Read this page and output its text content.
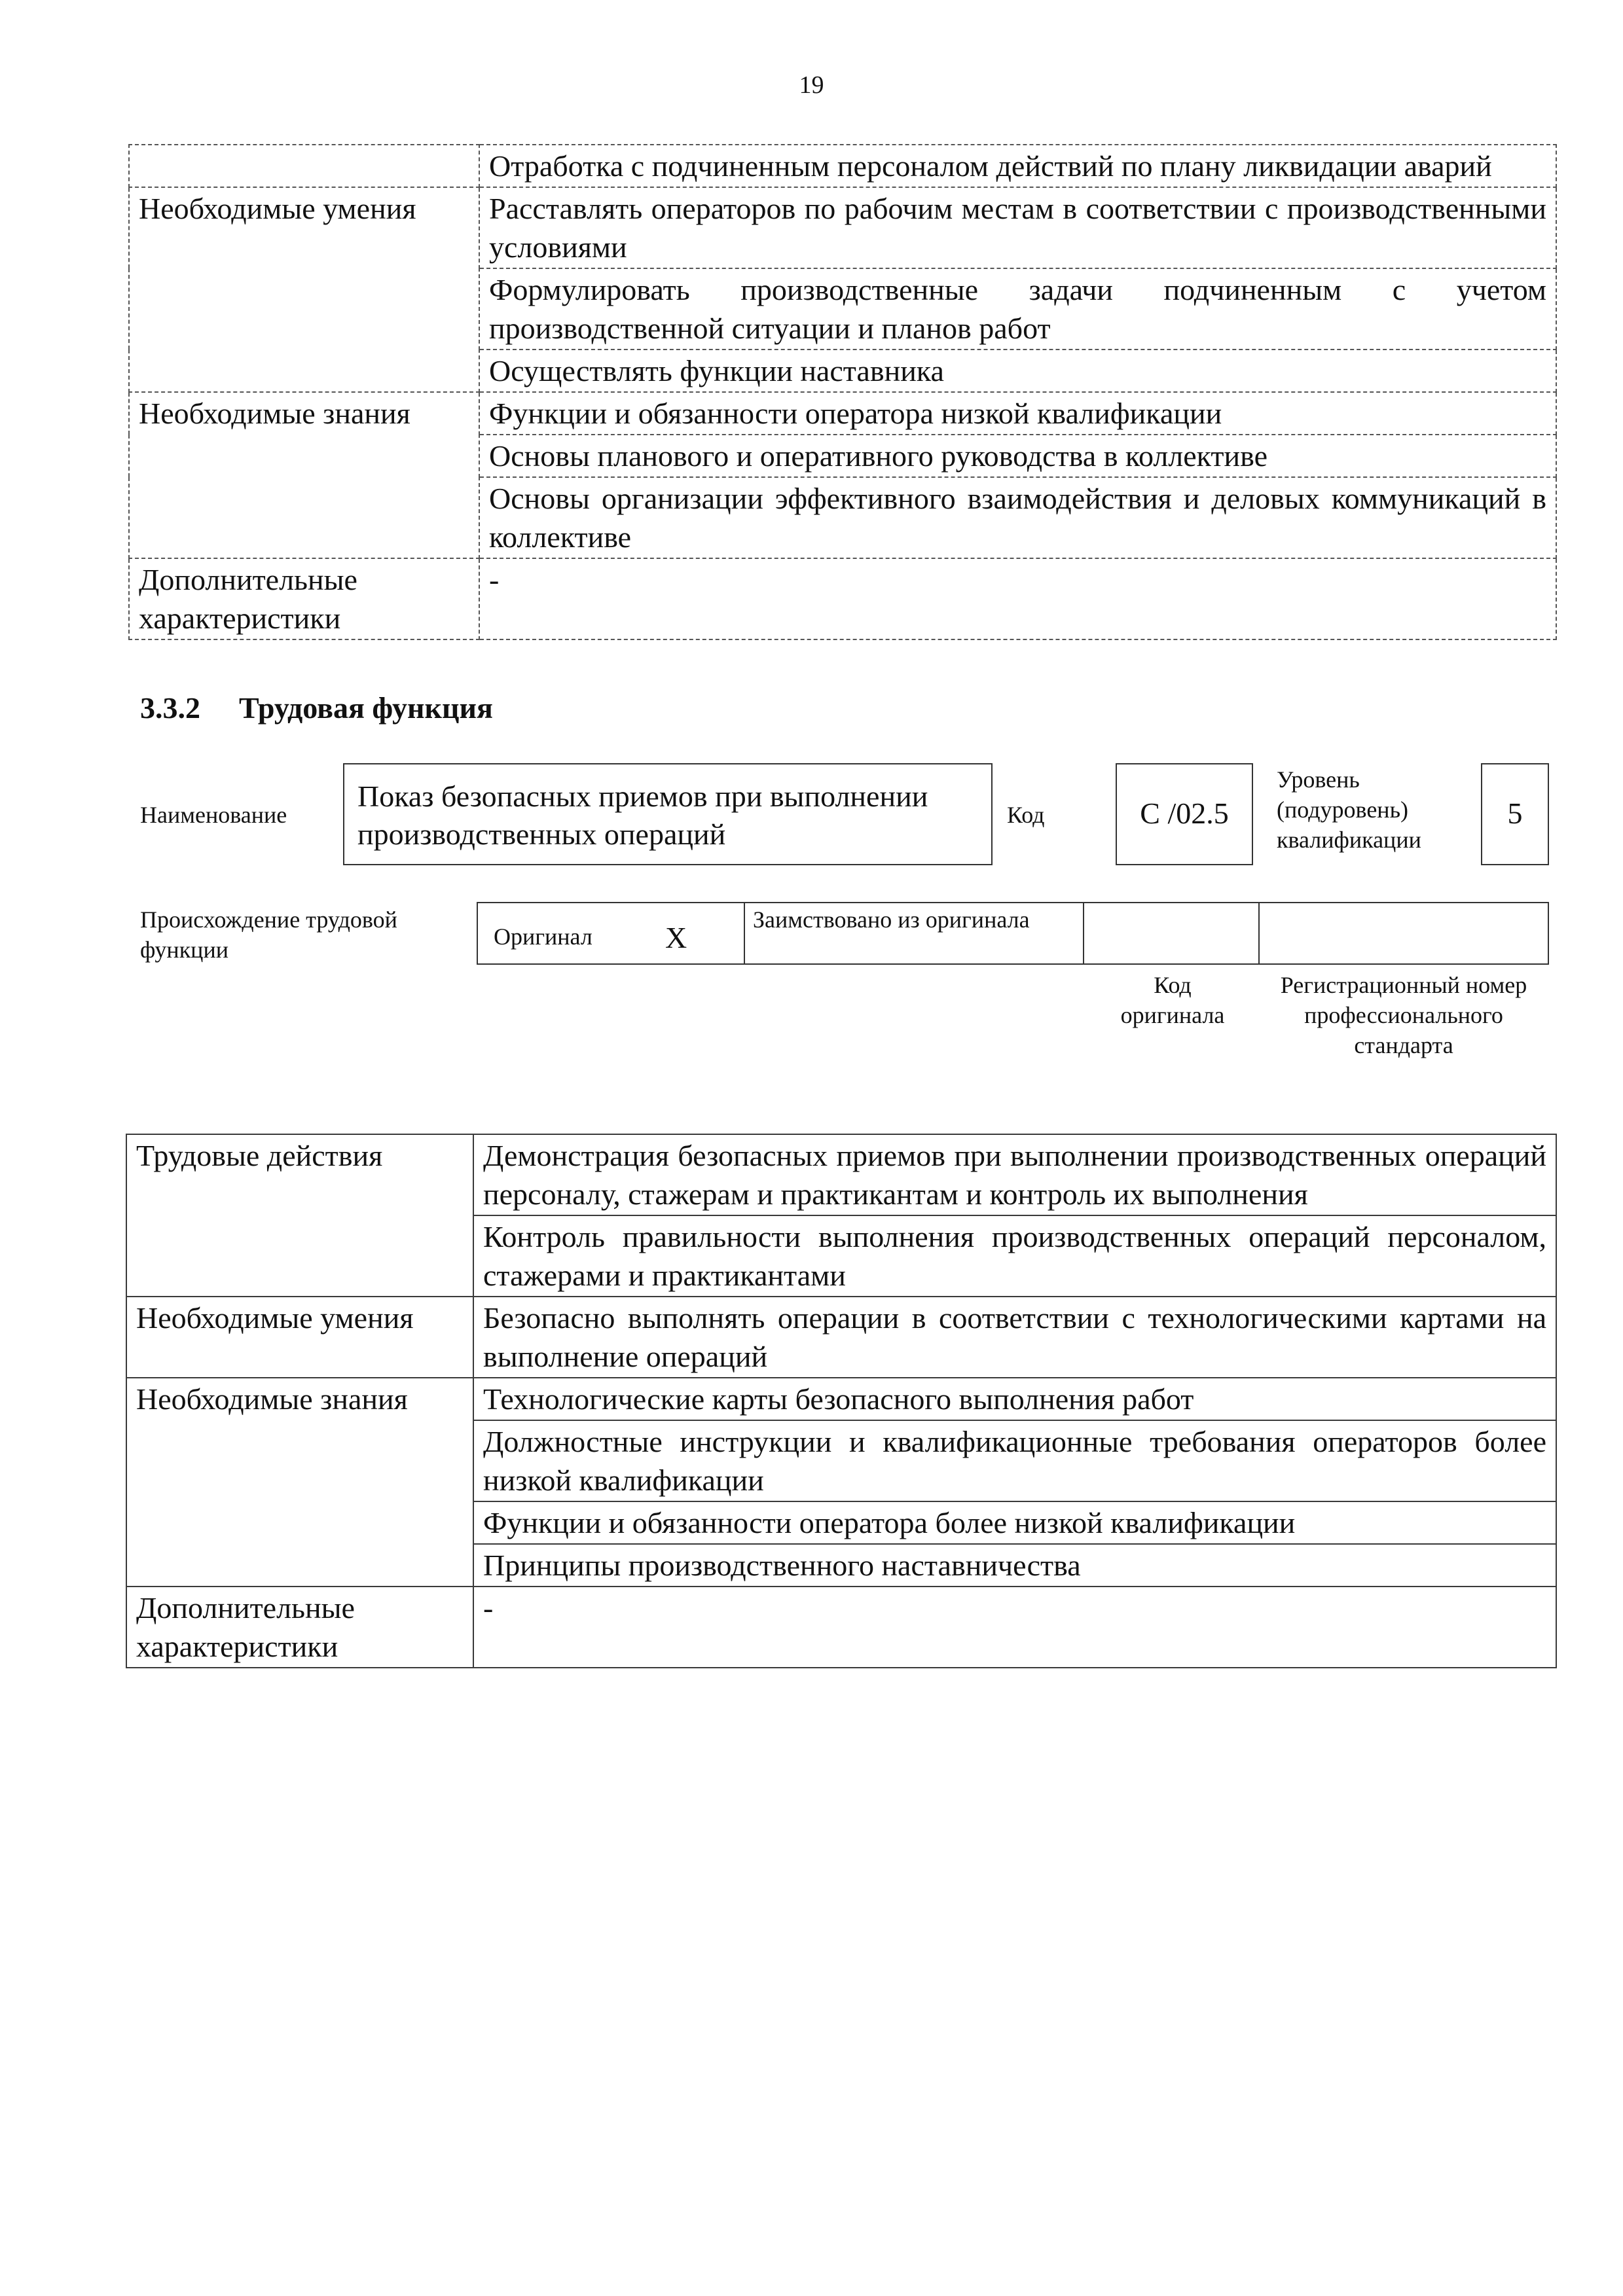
19
	Отработка с подчиненным персоналом действий по плану ликвидации аварий
Необходимые умения	Расставлять операторов по рабочим местам в соответствии с производственными условиями
	Формулировать производственные задачи подчиненным с учетом производственной ситуации и планов работ
	Осуществлять функции наставника
Необходимые знания	Функции и обязанности оператора низкой квалификации
	Основы планового и оперативного руководства в коллективе
	Основы организации эффективного взаимодействия и деловых коммуникаций в коллективе
Дополнительные характеристики	-
3.3.2 Трудовая функция
Наименование
Показ безопасных приемов при выполнении производственных операций
Код	С /02.5
Уровень (подуровень) квалификации
5
Происхождение трудовой функции	Оригинал X
Заимствовано из оригинала
Код оригинала
Регистрационный номер профессионального стандарта
Трудовые действия	Демонстрация безопасных приемов при выполнении производственных операций персоналу, стажерам и практикантам и контроль их выполнения
	Контроль правильности выполнения производственных операций персоналом, стажерами и практикантами
Необходимые умения	Безопасно выполнять операции в соответствии с технологическими картами на выполнение операций
Необходимые знания	Технологические карты безопасного выполнения работ
	Должностные инструкции и квалификационные требования операторов более низкой квалификации
	Функции и обязанности оператора более низкой квалификации
	Принципы производственного наставничества
Дополнительные характеристики	-
